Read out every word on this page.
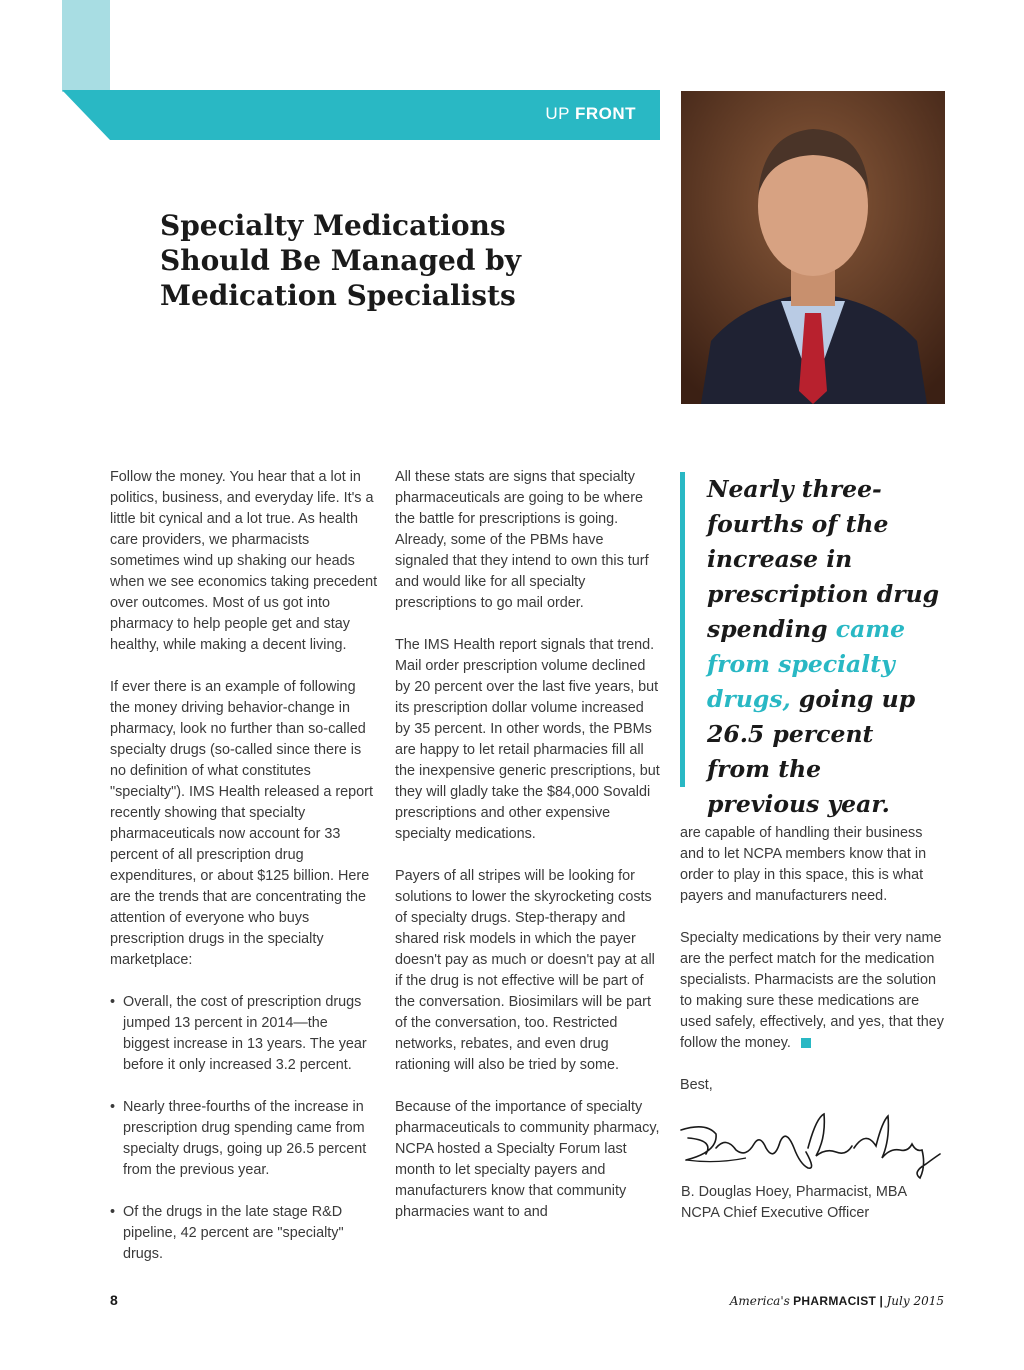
UP FRONT
Specialty Medications
Should Be Managed by
Medication Specialists

Follow the money. You hear that a lot in politics, business, and everyday life. It's a little bit cynical and a lot true. As health care providers, we pharmacists sometimes wind up shaking our heads when we see economics taking precedent over outcomes. Most of us got into pharmacy to help people get and stay healthy, while making a decent living.

If ever there is an example of following the money driving behavior-change in pharmacy, look no further than so-called specialty drugs (so-called since there is no definition of what constitutes "specialty"). IMS Health released a report recently showing that specialty pharmaceuticals now account for 33 percent of all prescription drug expenditures, or about $125 billion. Here are the trends that are concentrating the attention of everyone who buys prescription drugs in the specialty marketplace:

• Overall, the cost of prescription drugs jumped 13 percent in 2014—the biggest increase in 13 years. The year before it only increased 3.2 percent.
• Nearly three-fourths of the increase in prescription drug spending came from specialty drugs, going up 26.5 percent from the previous year.
• Of the drugs in the late stage R&D pipeline, 42 percent are "specialty" drugs.

All these stats are signs that specialty pharmaceuticals are going to be where the battle for prescriptions is going. Already, some of the PBMs have signaled that they intend to own this turf and would like for all specialty prescriptions to go mail order.

The IMS Health report signals that trend. Mail order prescription volume declined by 20 percent over the last five years, but its prescription dollar volume increased by 35 percent. In other words, the PBMs are happy to let retail pharmacies fill all the inexpensive generic prescriptions, but they will gladly take the $84,000 Sovaldi prescriptions and other expensive specialty medications.

Payers of all stripes will be looking for solutions to lower the skyrocketing costs of specialty drugs. Step-therapy and shared risk models in which the payer doesn't pay as much or doesn't pay at all if the drug is not effective will be part of the conversation. Biosimilars will be part of the conversation, too. Restricted networks, rebates, and even drug rationing will also be tried by some.

Because of the importance of specialty pharmaceuticals to community pharmacy, NCPA hosted a Specialty Forum last month to let specialty payers and manufacturers know that community pharmacies want to and

Nearly three-fourths of the increase in prescription drug spending came from specialty drugs, going up 26.5 percent from the previous year.

are capable of handling their business and to let NCPA members know that in order to play in this space, this is what payers and manufacturers need.

Specialty medications by their very name are the perfect match for the medication specialists. Pharmacists are the solution to making sure these medications are used safely, effectively, and yes, that they follow the money.

Best,

B. Douglas Hoey, Pharmacist, MBA
NCPA Chief Executive Officer
8	America's PHARMACIST | July 2015
